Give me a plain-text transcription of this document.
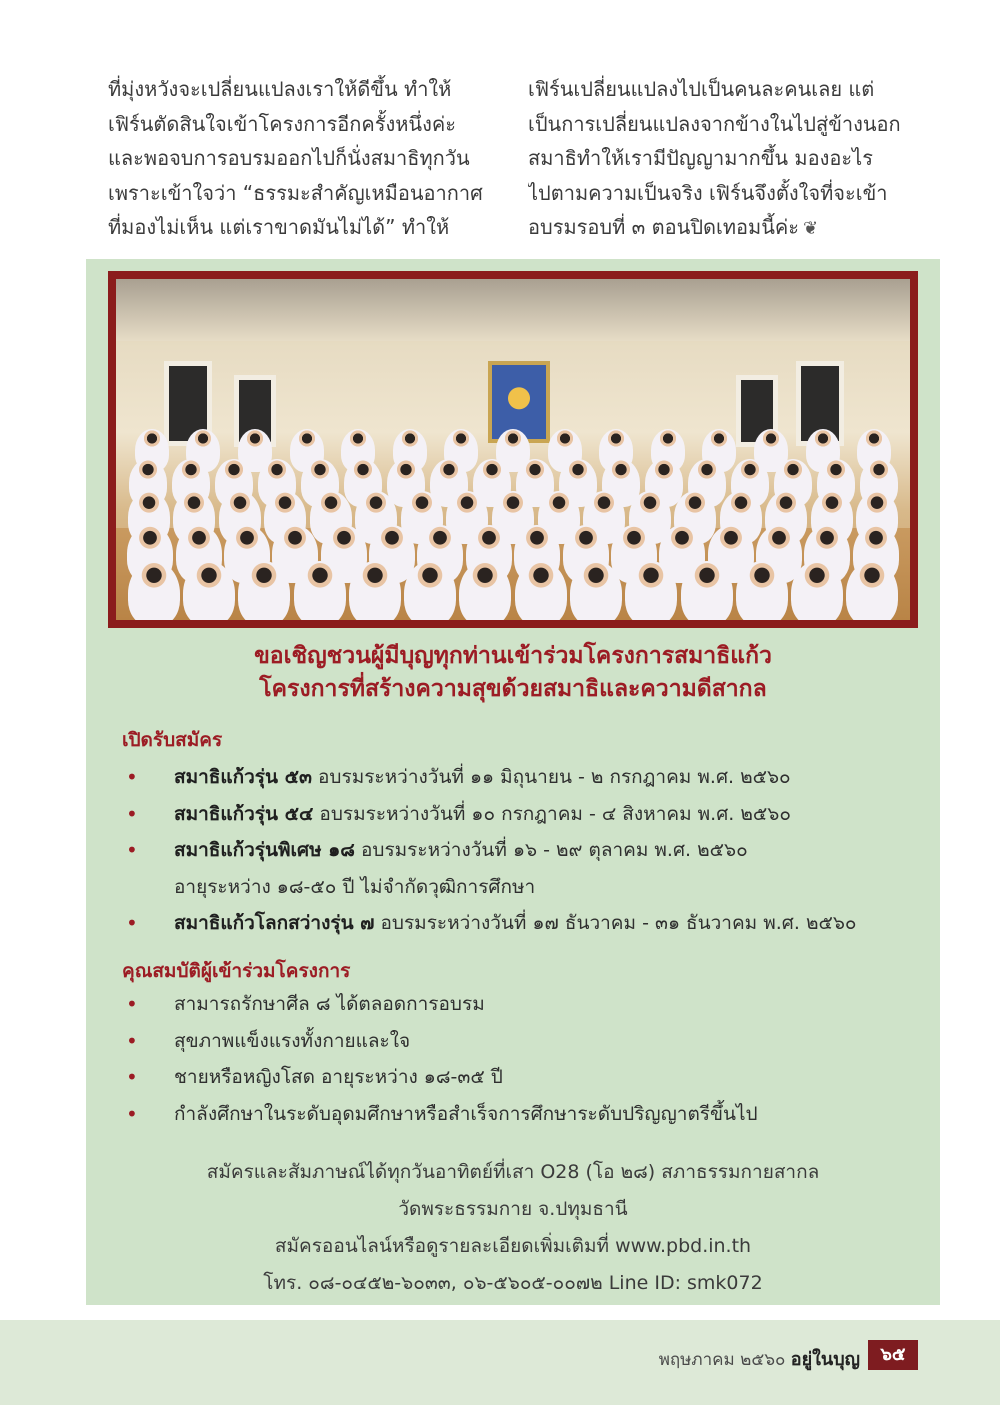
ที่มุ่งหวังจะเปลี่ยนแปลงเราให้ดีขึ้น ทำให้
เฟิร์นตัดสินใจเข้าโครงการอีกครั้งหนึ่งค่ะ
และพอจบการอบรมออกไปก็นั่งสมาธิทุกวัน
เพราะเข้าใจว่า “ธรรมะสำคัญเหมือนอากาศ
ที่มองไม่เห็น แต่เราขาดมันไม่ได้” ทำให้
เฟิร์นเปลี่ยนแปลงไปเป็นคนละคนเลย แต่
เป็นการเปลี่ยนแปลงจากข้างในไปสู่ข้างนอก
สมาธิทำให้เรามีปัญญามากขึ้น มองอะไร
ไปตามความเป็นจริง เฟิร์นจึงตั้งใจที่จะเข้า
อบรมรอบที่ ๓ ตอนปิดเทอมนี้ค่ะ ❦
ขอเชิญชวนผู้มีบุญทุกท่านเข้าร่วมโครงการสมาธิแก้ว
โครงการที่สร้างความสุขด้วยสมาธิและความดีสากล
เปิดรับสมัคร
• สมาธิแก้วรุ่น ๕๓ อบรมระหว่างวันที่ ๑๑ มิถุนายน - ๒ กรกฎาคม พ.ศ. ๒๕๖๐
• สมาธิแก้วรุ่น ๕๔ อบรมระหว่างวันที่ ๑๐ กรกฎาคม - ๔ สิงหาคม พ.ศ. ๒๕๖๐
• สมาธิแก้วรุ่นพิเศษ ๑๘ อบรมระหว่างวันที่ ๑๖ - ๒๙ ตุลาคม พ.ศ. ๒๕๖๐
อายุระหว่าง ๑๘-๕๐ ปี ไม่จำกัดวุฒิการศึกษา
• สมาธิแก้วโลกสว่างรุ่น ๗ อบรมระหว่างวันที่ ๑๗ ธันวาคม - ๓๑ ธันวาคม พ.ศ. ๒๕๖๐
คุณสมบัติผู้เข้าร่วมโครงการ
• สามารถรักษาศีล ๘ ได้ตลอดการอบรม
• สุขภาพแข็งแรงทั้งกายและใจ
• ชายหรือหญิงโสด อายุระหว่าง ๑๘-๓๕ ปี
• กำลังศึกษาในระดับอุดมศึกษาหรือสำเร็จการศึกษาระดับปริญญาตรีขึ้นไป
สมัครและสัมภาษณ์ได้ทุกวันอาทิตย์ที่เสา O28 (โอ ๒๘) สภาธรรมกายสากล
วัดพระธรรมกาย จ.ปทุมธานี
สมัครออนไลน์หรือดูรายละเอียดเพิ่มเติมที่ www.pbd.in.th
โทร. ๐๘-๐๔๕๒-๖๐๓๓, ๐๖-๕๖๐๕-๐๐๗๒ Line ID: smk072
พฤษภาคม ๒๕๖๐ อยู่ในบุญ	๖๕
